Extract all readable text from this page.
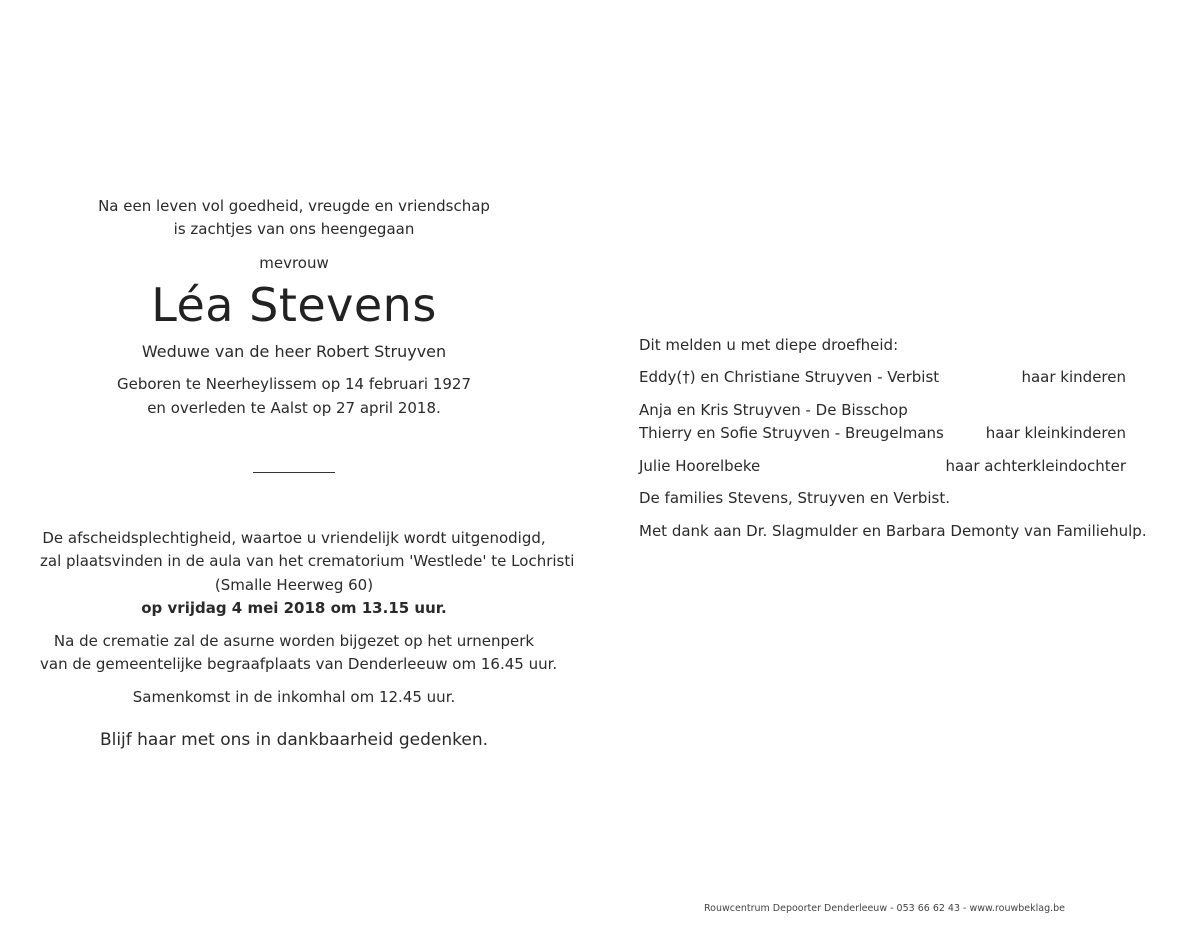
Na een leven vol goedheid, vreugde en vriendschap
is zachtjes van ons heengegaan
mevrouw
Léa Stevens
Weduwe van de heer Robert Struyven
Geboren te Neerheylissem op 14 februari 1927
en overleden te Aalst op 27 april 2018.
De afscheidsplechtigheid, waartoe u vriendelijk wordt uitgenodigd,
zal plaatsvinden in de aula van het crematorium 'Westlede' te Lochristi
(Smalle Heerweg 60)
op vrijdag 4 mei 2018 om 13.15 uur.
Na de crematie zal de asurne worden bijgezet op het urnenperk
van de gemeentelijke begraafplaats van Denderleeuw om 16.45 uur.
Samenkomst in de inkomhal om 12.45 uur.
Blijf haar met ons in dankbaarheid gedenken.
Dit melden u met diepe droefheid:
Eddy(†) en Christiane Struyven - Verbist	haar kinderen
Anja en Kris Struyven - De Bisschop
Thierry en Sofie Struyven - Breugelmans	haar kleinkinderen
Julie Hoorelbeke	haar achterkleindochter
De families Stevens, Struyven en Verbist.
Met dank aan Dr. Slagmulder en Barbara Demonty van Familiehulp.
Rouwcentrum Depoorter Denderleeuw - 053 66 62 43 - www.rouwbeklag.be
